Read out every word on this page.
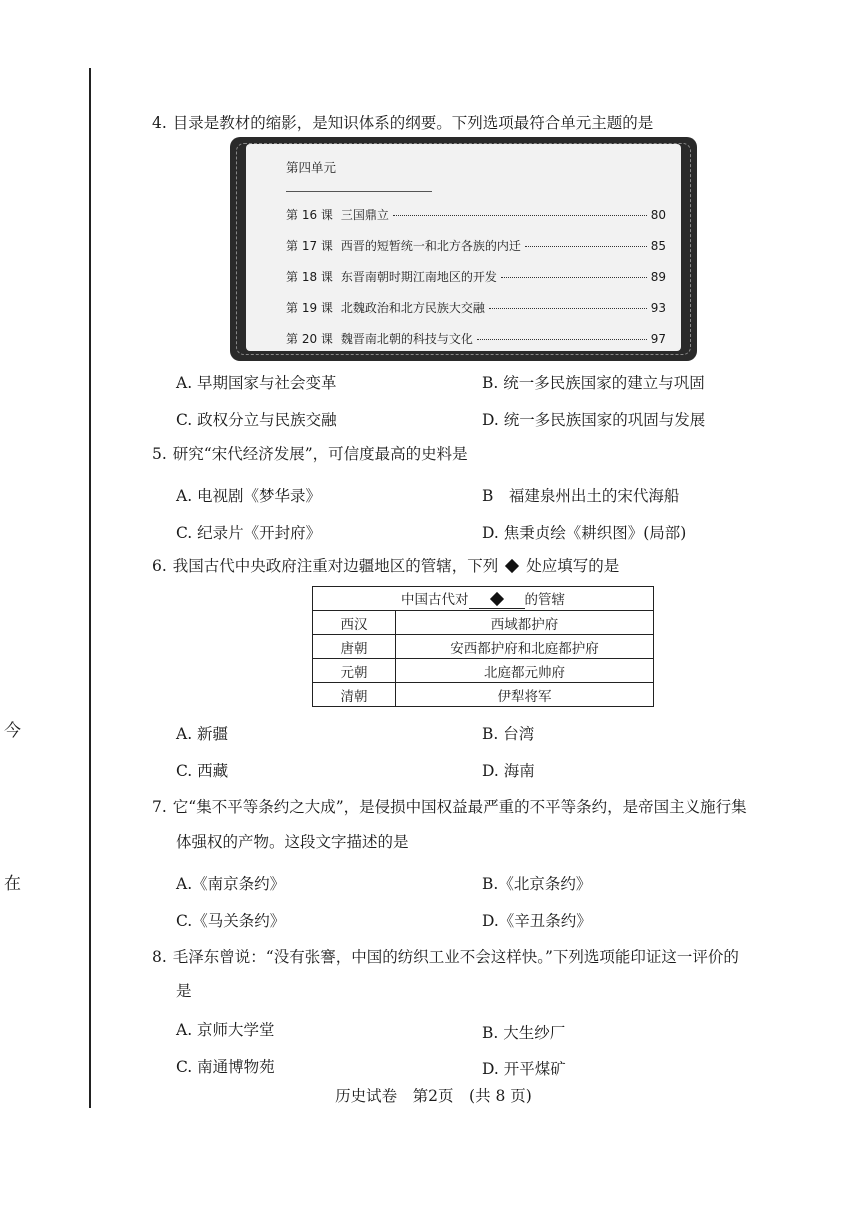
今
在
4. 目录是教材的缩影，是知识体系的纲要。下列选项最符合单元主题的是
第四单元
第 16 课 三国鼎立	80
第 17 课 西晋的短暂统一和北方各族的内迁	85
第 18 课 东晋南朝时期江南地区的开发	89
第 19 课 北魏政治和北方民族大交融	93
第 20 课 魏晋南北朝的科技与文化	97
A. 早期国家与社会变革	B. 统一多民族国家的建立与巩固
C. 政权分立与民族交融	D. 统一多民族国家的巩固与发展
5. 研究“宋代经济发展”，可信度最高的史料是
A. 电视剧《梦华录》	B　福建泉州出土的宋代海船
C. 纪录片《开封府》	D. 焦秉贞绘《耕织图》(局部)
6. 我国古代中央政府注重对边疆地区的管辖，下列 处应填写的是
中国古代对 的管辖	
西汉	西域都护府
唐朝	安西都护府和北庭都护府
元朝	北庭都元帅府
清朝	伊犁将军
A. 新疆	B. 台湾
C. 西藏	D. 海南
7. 它“集不平等条约之大成”，是侵损中国权益最严重的不平等条约，是帝国主义施行集
体强权的产物。这段文字描述的是
A.《南京条约》	B.《北京条约》
C.《马关条约》	D.《辛丑条约》
8. 毛泽东曾说：“没有张謇，中国的纺织工业不会这样快。”下列选项能印证这一评价的
是
A. 京师大学堂	B. 大生纱厂
C. 南通博物苑	D. 开平煤矿
历史试卷　第2页　(共 8 页)
